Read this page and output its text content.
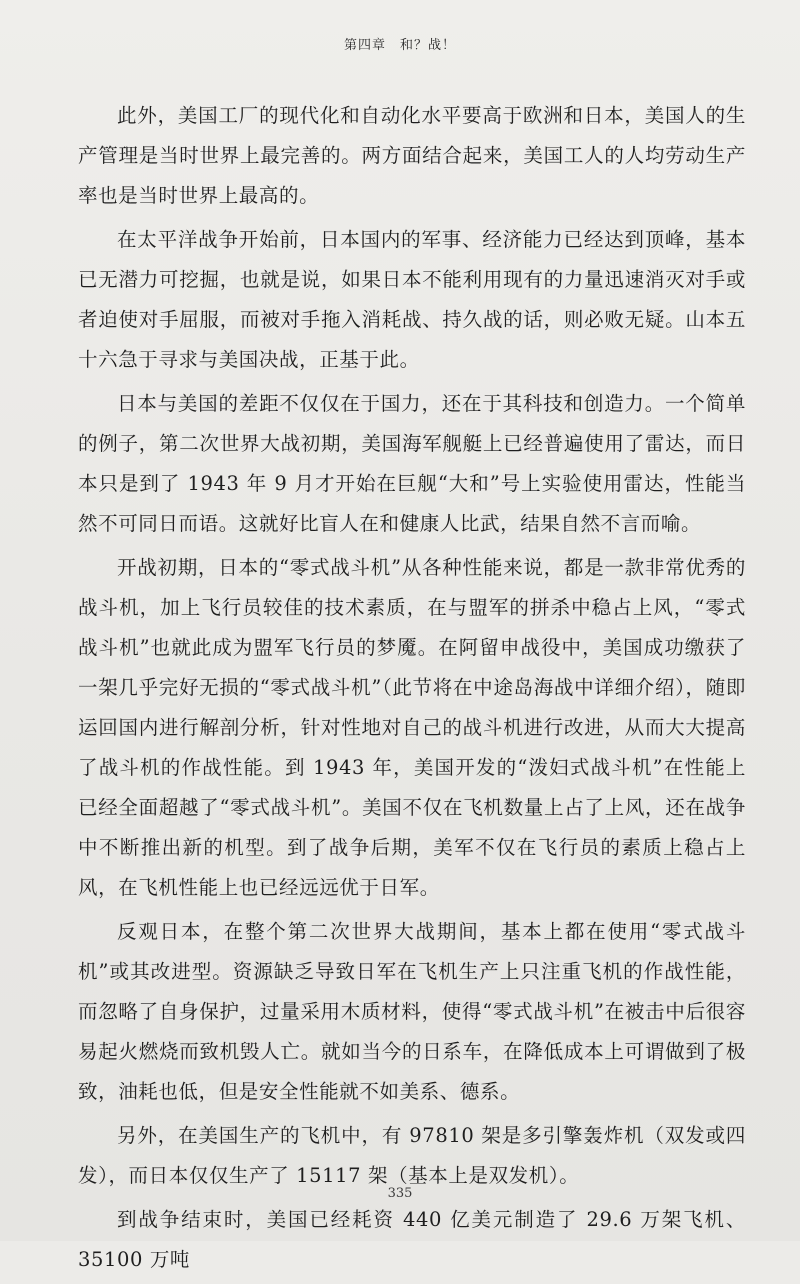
第四章　和？战！

此外，美国工厂的现代化和自动化水平要高于欧洲和日本，美国人的生产管理是当时世界上最完善的。两方面结合起来，美国工人的人均劳动生产率也是当时世界上最高的。

在太平洋战争开始前，日本国内的军事、经济能力已经达到顶峰，基本已无潜力可挖掘，也就是说，如果日本不能利用现有的力量迅速消灭对手或者迫使对手屈服，而被对手拖入消耗战、持久战的话，则必败无疑。山本五十六急于寻求与美国决战，正基于此。

日本与美国的差距不仅仅在于国力，还在于其科技和创造力。一个简单的例子，第二次世界大战初期，美国海军舰艇上已经普遍使用了雷达，而日本只是到了 1943 年 9 月才开始在巨舰“大和”号上实验使用雷达，性能当然不可同日而语。这就好比盲人在和健康人比武，结果自然不言而喻。

开战初期，日本的“零式战斗机”从各种性能来说，都是一款非常优秀的战斗机，加上飞行员较佳的技术素质，在与盟军的拼杀中稳占上风，“零式战斗机”也就此成为盟军飞行员的梦魇。在阿留申战役中，美国成功缴获了一架几乎完好无损的“零式战斗机”（此节将在中途岛海战中详细介绍），随即运回国内进行解剖分析，针对性地对自己的战斗机进行改进，从而大大提高了战斗机的作战性能。到 1943 年，美国开发的“泼妇式战斗机”在性能上已经全面超越了“零式战斗机”。美国不仅在飞机数量上占了上风，还在战争中不断推出新的机型。到了战争后期，美军不仅在飞行员的素质上稳占上风，在飞机性能上也已经远远优于日军。

反观日本，在整个第二次世界大战期间，基本上都在使用“零式战斗机”或其改进型。资源缺乏导致日军在飞机生产上只注重飞机的作战性能，而忽略了自身保护，过量采用木质材料，使得“零式战斗机”在被击中后很容易起火燃烧而致机毁人亡。就如当今的日系车，在降低成本上可谓做到了极致，油耗也低，但是安全性能就不如美系、德系。

另外，在美国生产的飞机中，有 97810 架是多引擎轰炸机（双发或四发），而日本仅仅生产了 15117 架（基本上是双发机）。

到战争结束时，美国已经耗资 440 亿美元制造了 29.6 万架飞机、35100 万吨

335
